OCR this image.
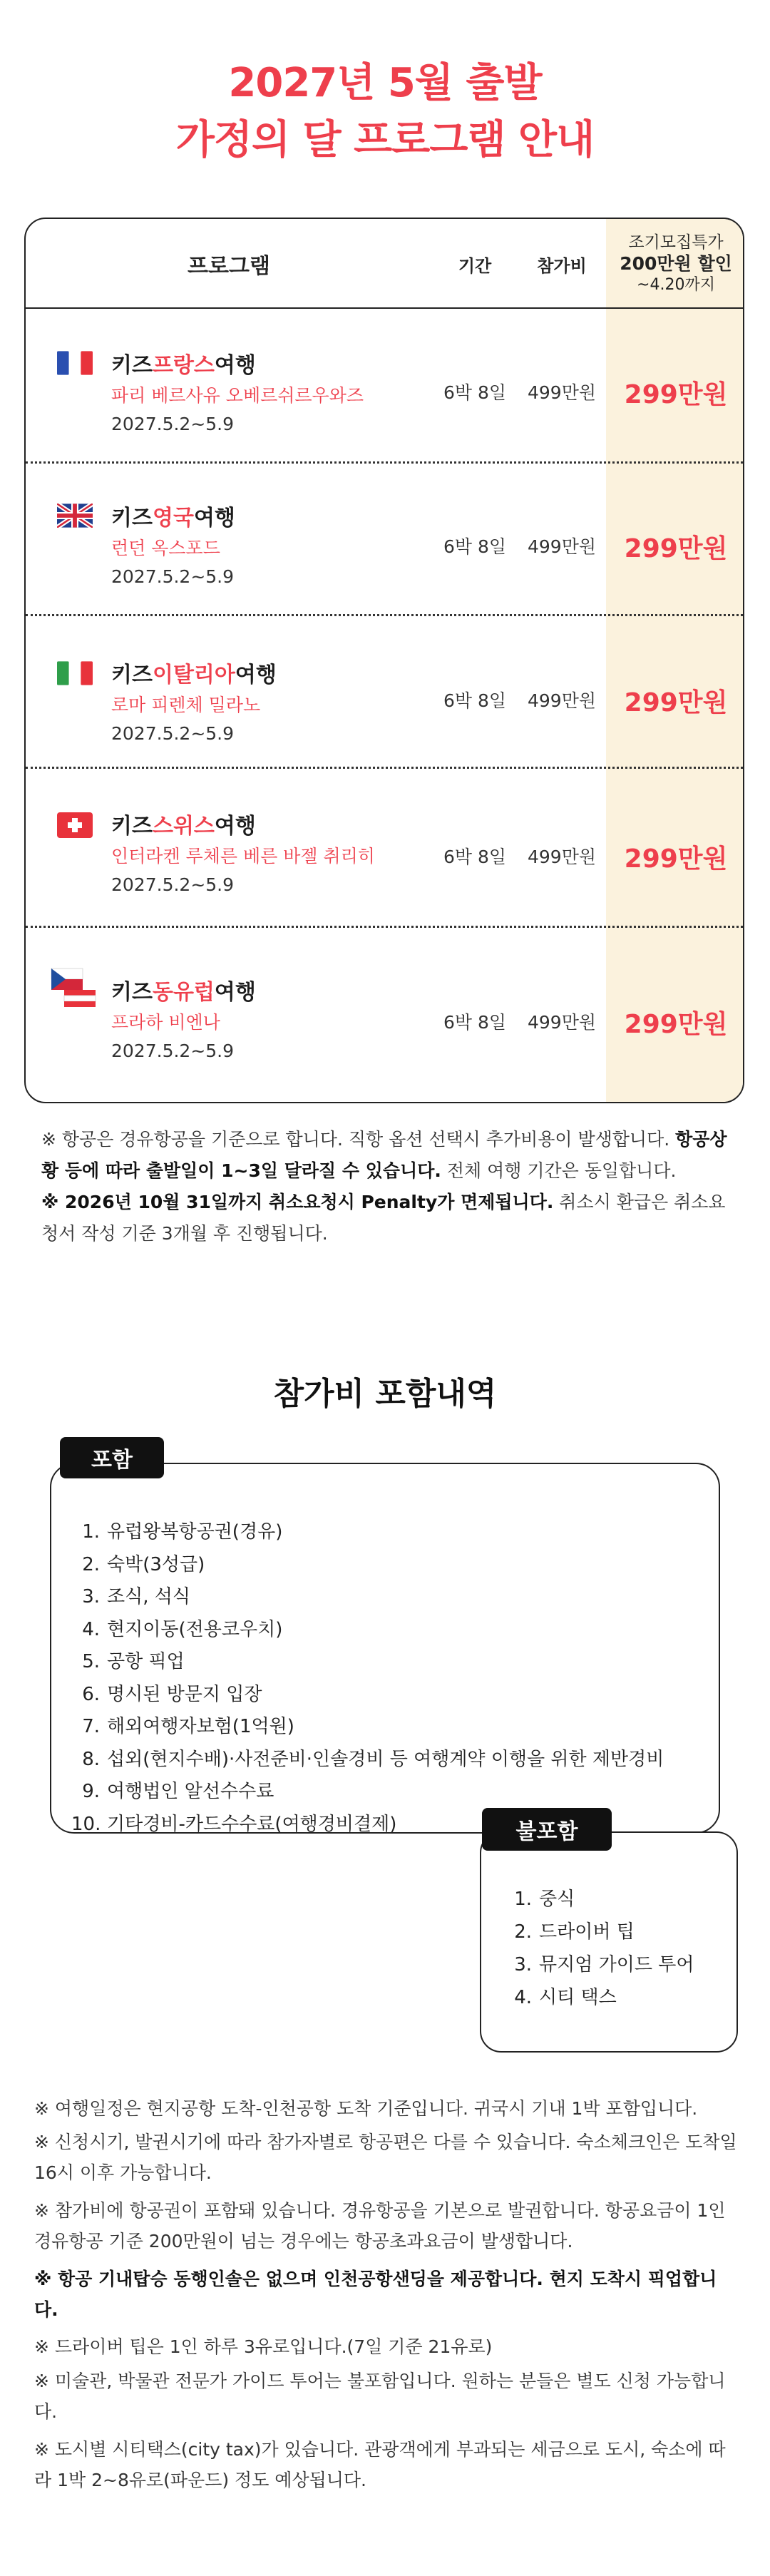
2027년 5월 출발
가정의 달 프로그램 안내
프로그램	기간	참가비
조기모집특가
200만원 할인
~4.20까지
키즈프랑스여행
파리 베르사유 오베르쉬르우와즈
2027.5.2~5.9
6박 8일	499만원	299만원
키즈영국여행
런던 옥스포드
2027.5.2~5.9
6박 8일	499만원	299만원
키즈이탈리아여행
로마 피렌체 밀라노
2027.5.2~5.9
6박 8일	499만원	299만원
키즈스위스여행
인터라켄 루체른 베른 바젤 취리히
2027.5.2~5.9
6박 8일	499만원	299만원
키즈동유럽여행
프라하 비엔나
2027.5.2~5.9
6박 8일	499만원	299만원
※ 항공은 경유항공을 기준으로 합니다. 직항 옵션 선택시 추가비용이 발생합니다. 항공상황 등에 따라 출발일이 1~3일 달라질 수 있습니다. 전체 여행 기간은 동일합니다.
※ 2026년 10월 31일까지 취소요청시 Penalty가 면제됩니다. 취소시 환급은 취소요청서 작성 기준 3개월 후 진행됩니다.
참가비 포함내역
포함
1. 유럽왕복항공권(경유)
2. 숙박(3성급)
3. 조식, 석식
4. 현지이동(전용코우치)
5. 공항 픽업
6. 명시된 방문지 입장
7. 해외여행자보험(1억원)
8. 섭외(현지수배)·사전준비·인솔경비 등 여행계약 이행을 위한 제반경비
9. 여행법인 알선수수료
10. 기타경비-카드수수료(여행경비결제)	불포함
1. 중식
2. 드라이버 팁
3. 뮤지엄 가이드 투어
4. 시티 택스
※ 여행일정은 현지공항 도착-인천공항 도착 기준입니다. 귀국시 기내 1박 포함입니다.
※ 신청시기, 발권시기에 따라 참가자별로 항공편은 다를 수 있습니다. 숙소체크인은 도착일 16시 이후 가능합니다.
※ 참가비에 항공권이 포함돼 있습니다. 경유항공을 기본으로 발권합니다. 항공요금이 1인 경유항공 기준 200만원이 넘는 경우에는 항공초과요금이 발생합니다.
※ 항공 기내탑승 동행인솔은 없으며 인천공항샌딩을 제공합니다. 현지 도착시 픽업합니다.
※ 드라이버 팁은 1인 하루 3유로입니다.(7일 기준 21유로)
※ 미술관, 박물관 전문가 가이드 투어는 불포함입니다. 원하는 분들은 별도 신청 가능합니다.
※ 도시별 시티택스(city tax)가 있습니다. 관광객에게 부과되는 세금으로 도시, 숙소에 따라 1박 2~8유로(파운드) 정도 예상됩니다.
